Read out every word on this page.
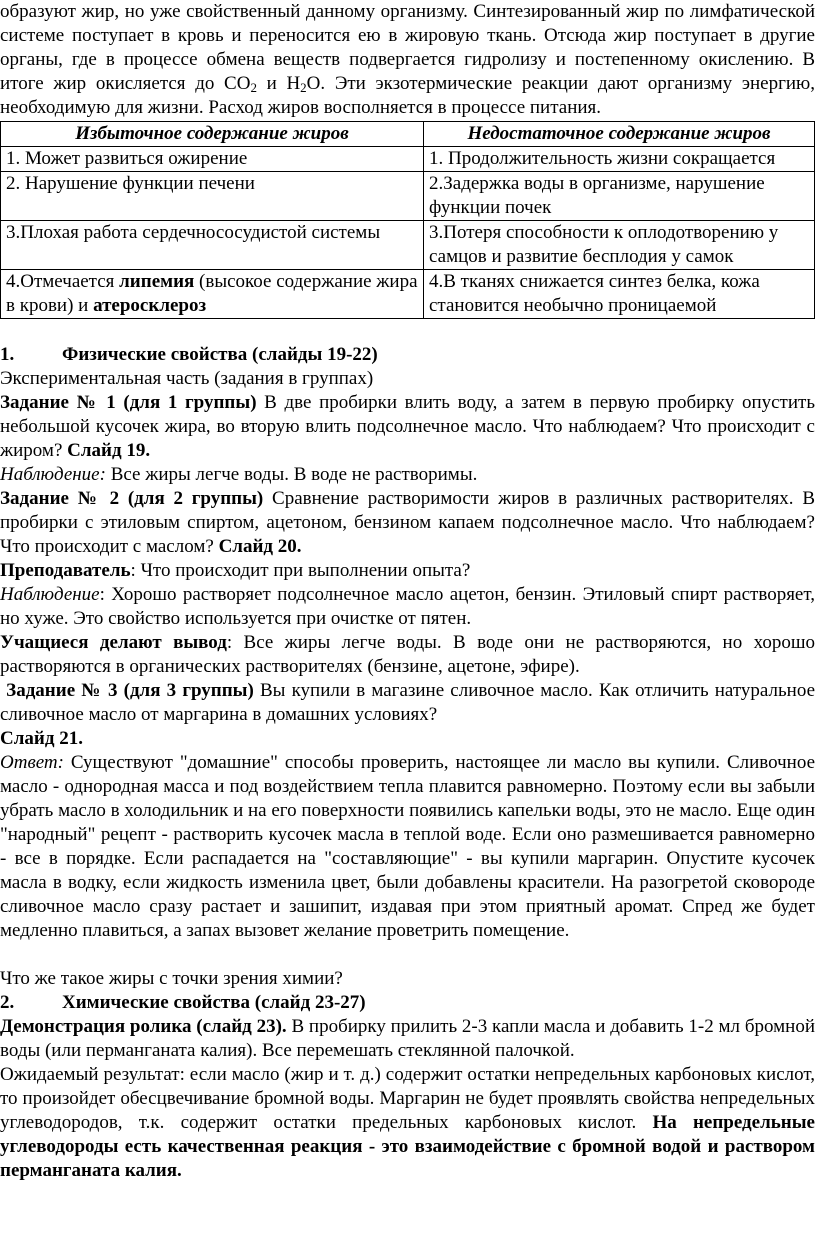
образуют жир, но уже свойственный данному организму. Синтезированный жир по лимфатической системе поступает в кровь и переносится ею в жировую ткань. Отсюда жир поступает в другие органы, где в процессе обмена веществ подвергается гидролизу и постепенному окислению. В итоге жир окисляется до $CO_2$ и $H_2O$. Эти экзотермические реакции дают организму энергию, необходимую для жизни. Расход жиров восполняется в процессе питания.

Избыточное содержание жиров	Недостаточное содержание жиров
1. Может развиться ожирение	1. Продолжительность жизни сокращается
2. Нарушение функции печени	2.Задержка воды в организме, нарушение функции почек
3.Плохая работа сердечнососудистой системы	3.Потеря способности к оплодотворению у самцов и развитие бесплодия у самок
4.Отмечается липемия (высокое содержание жира в крови) и атеросклероз	4.В тканях снижается синтез белка, кожа становится необычно проницаемой
1.	Физические свойства (слайды 19-22)

Экспериментальная часть (задания в группах)

Задание № 1 (для 1 группы) В две пробирки влить воду, а затем в первую пробирку опустить небольшой кусочек жира, во вторую влить подсолнечное масло. Что наблюдаем? Что происходит с жиром? Слайд 19.

Наблюдение: Все жиры легче воды. В воде не растворимы.

Задание № 2 (для 2 группы) Сравнение растворимости жиров в различных растворителях. В пробирки с этиловым спиртом, ацетоном, бензином капаем подсолнечное масло. Что наблюдаем? Что происходит с маслом? Слайд 20.

Преподаватель: Что происходит при выполнении опыта?

Наблюдение: Хорошо растворяет подсолнечное масло ацетон, бензин. Этиловый спирт растворяет, но хуже. Это свойство используется при очистке от пятен.

Учащиеся делают вывод: Все жиры легче воды. В воде они не растворяются, но хорошо растворяются в органических растворителях (бензине, ацетоне, эфире).

Задание № 3 (для 3 группы) Вы купили в магазине сливочное масло. Как отличить натуральное сливочное масло от маргарина в домашних условиях?

Слайд 21.

Ответ: Существуют "домашние" способы проверить, настоящее ли масло вы купили. Сливочное масло - однородная масса и под воздействием тепла плавится равномерно. Поэтому если вы забыли убрать масло в холодильник и на его поверхности появились капельки воды, это не масло. Еще один "народный" рецепт - растворить кусочек масла в теплой воде. Если оно размешивается равномерно - все в порядке. Если распадается на "составляющие" - вы купили маргарин. Опустите кусочек масла в водку, если жидкость изменила цвет, были добавлены красители. На разогретой сковороде сливочное масло сразу растает и зашипит, издавая при этом приятный аромат. Спред же будет медленно плавиться, а запах вызовет желание проветрить помещение.

Что же такое жиры с точки зрения химии?

2.	Химические свойства (слайд 23-27)

Демонстрация ролика (слайд 23). В пробирку прилить 2-3 капли масла и добавить 1-2 мл бромной воды (или перманганата калия). Все перемешать стеклянной палочкой.

Ожидаемый результат: если масло (жир и т. д.) содержит остатки непредельных карбоновых кислот, то произойдет обесцвечивание бромной воды. Маргарин не будет проявлять свойства непредельных углеводородов, т.к. содержит остатки предельных карбоновых кислот. На непредельные углеводороды есть качественная реакция - это взаимодействие с бромной водой и раствором перманганата калия.
